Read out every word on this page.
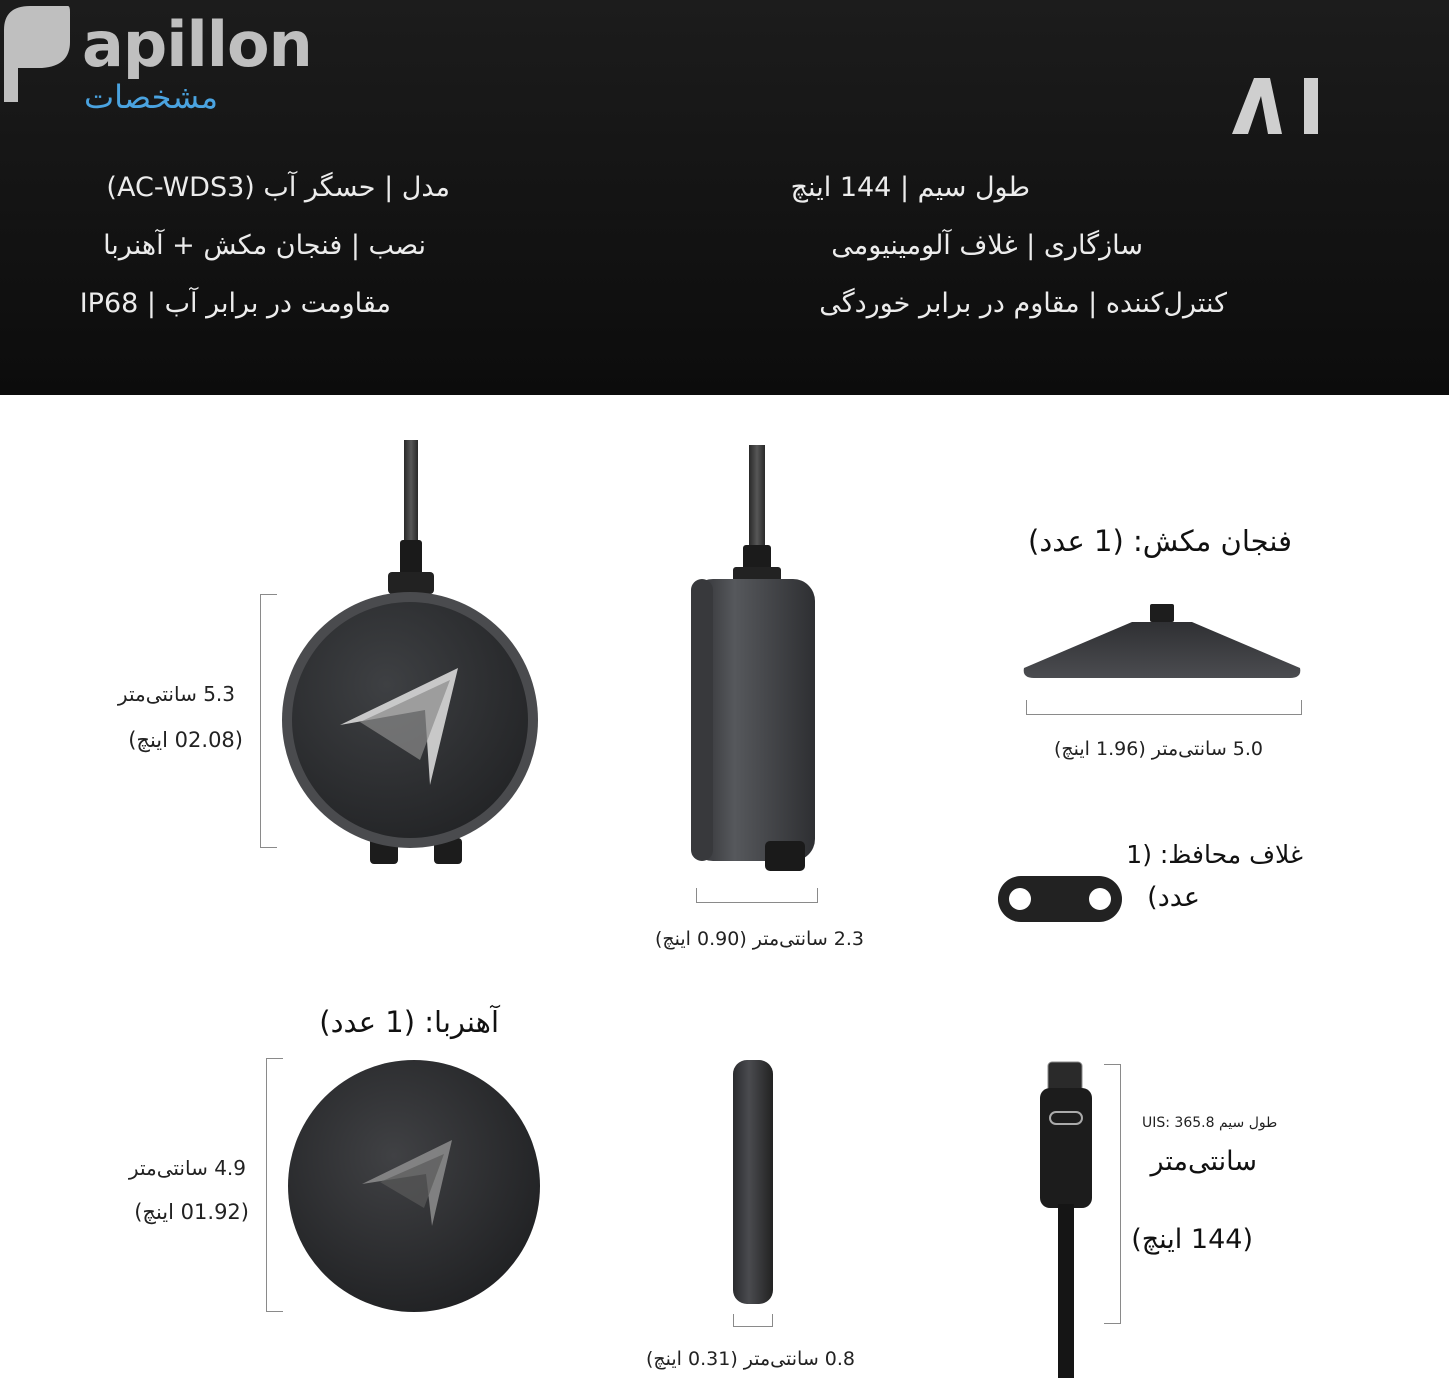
apillon
مشخصات
مدل | حسگر آب (AC-WDS3)
نصب | فنجان مکش + آهنربا
مقاومت در برابر آب | IP68
طول سیم | 144 اینچ
سازگاری | غلاف آلومینیومی
کنترل‌کننده | مقاوم در برابر خوردگی
5.3 سانتی‌متر
(02.08 اینچ)
2.3 سانتی‌متر (0.90 اینچ)
فنجان مکش: (1 عدد)
5.0 سانتی‌متر (1.96 اینچ)
غلاف محافظ: (1
عدد)
آهنربا: (1 عدد)
4.9 سانتی‌متر
(01.92 اینچ)
0.8 سانتی‌متر (0.31 اینچ)
UIS: 365.8 طول سیم
سانتی‌متر
(144 اینچ)
